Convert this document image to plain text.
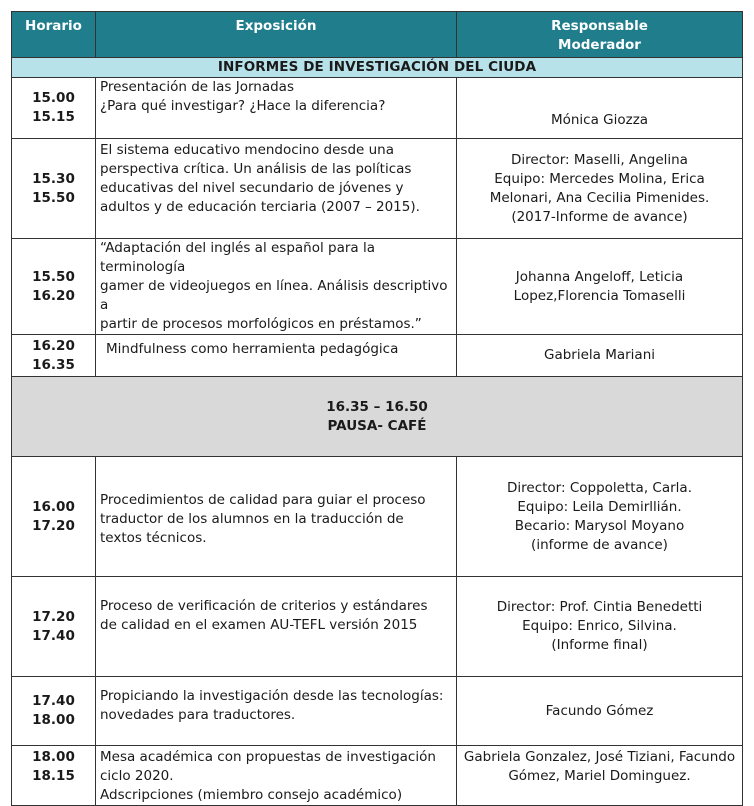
Horario	Exposición	Responsable
Moderador

INFORMES DE INVESTIGACIÓN DEL CIUDA		

15.00
15.15	Presentación de las Jornadas
¿Para qué investigar? ¿Hace la diferencia?	Mónica Giozza

15.30
15.50	El sistema educativo mendocino desde una
perspectiva crítica. Un análisis de las políticas
educativas del nivel secundario de jóvenes y
adultos y de educación terciaria (2007 – 2015).	Director: Maselli, Angelina
Equipo: Mercedes Molina, Erica
Melonari, Ana Cecilia Pimenides.
(2017-Informe de avance)

15.50
16.20	“Adaptación del inglés al español para la terminología
gamer de videojuegos en línea. Análisis descriptivo a
partir de procesos morfológicos en préstamos.”	Johanna Angeloff, Leticia
Lopez,Florencia Tomaselli

16.20
16.35	Mindfulness como herramienta pedagógica	Gabriela Mariani

16.35 – 16.50
PAUSA- CAFÉ		

16.00
17.20	Procedimientos de calidad para guiar el proceso
traductor de los alumnos en la traducción de
textos técnicos.	Director: Coppoletta, Carla.
Equipo: Leila Demirllián.
Becario: Marysol Moyano
(informe de avance)

17.20
17.40	Proceso de verificación de criterios y estándares
de calidad en el examen AU-TEFL versión 2015	Director: Prof. Cintia Benedetti
Equipo: Enrico, Silvina.
(Informe final)

17.40
18.00	Propiciando la investigación desde las tecnologías:
novedades para traductores.	Facundo Gómez

18.00
18.15	Mesa académica con propuestas de investigación
ciclo 2020.
Adscripciones (miembro consejo académico)	Gabriela Gonzalez, José Tiziani, Facundo
Gómez, Mariel Dominguez.
